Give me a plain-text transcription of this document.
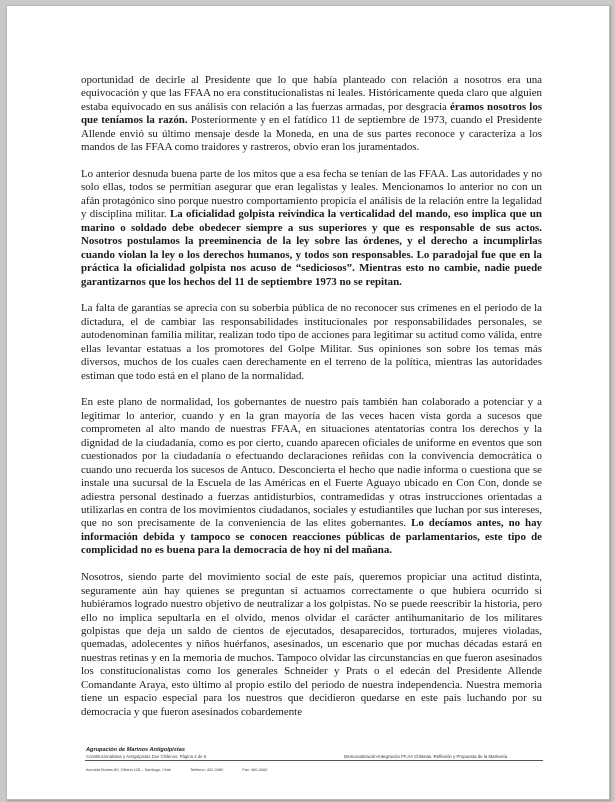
oportunidad de decirle al Presidente que lo que había planteado con relación a nosotros era una equivocación y que las FFAA no era constitucionalistas ni leales. Históricamente queda claro que alguien estaba equivocado en sus análisis con relación a las fuerzas armadas, por desgracia éramos nosotros los que teníamos la razón. Posteriormente y en el fatídico 11 de septiembre de 1973, cuando el Presidente Allende envió su último mensaje desde la Moneda, en una de sus partes reconoce y caracteriza a los mandos de las FFAA como traidores y rastreros, obvio eran los juramentados.

Lo anterior desnuda buena parte de los mitos que a esa fecha se tenían de las FFAA. Las autoridades y no solo ellas, todos se permitían asegurar que eran legalistas y leales. Mencionamos lo anterior no con un afán protagónico sino porque nuestro comportamiento propicia el análisis de la relación entre la legalidad y disciplina militar. La oficialidad golpista reivindica la verticalidad del mando, eso implica que un marino o soldado debe obedecer siempre a sus superiores y que es responsable de sus actos. Nosotros postulamos la preeminencia de la ley sobre las órdenes, y el derecho a incumplirlas cuando violan la ley o los derechos humanos, y todos son responsables. Lo paradojal fue que en la práctica la oficialidad golpista nos acuso de “sediciosos”. Mientras esto no cambie, nadie puede garantizarnos que los hechos del 11 de septiembre 1973 no se repitan.

La falta de garantías se aprecia con su soberbia pública de no reconocer sus crímenes en el periodo de la dictadura, el de cambiar las responsabilidades institucionales por responsabilidades personales, se autodenominan familia militar, realizan todo tipo de acciones para legitimar su actitud como válida, entre ellas levantar estatuas a los promotores del Golpe Militar. Sus opiniones son sobre los temas más diversos, muchos de los cuales caen derechamente en el terreno de la política, mientras las autoridades estiman que todo está en el plano de la normalidad.

En este plano de normalidad, los gobernantes de nuestro país también han colaborado a potenciar y a legitimar lo anterior, cuando y en la gran mayoría de las veces hacen vista gorda a sucesos que comprometen al alto mando de nuestras FFAA, en situaciones atentatorias contra los derechos y la dignidad de la ciudadanía, como es por cierto, cuando aparecen oficiales de uniforme en eventos que son cuestionados por la ciudadanía o efectuando declaraciones reñidas con la convivencia democrática o cuando uno recuerda los sucesos de Antuco. Desconcierta el hecho que nadie informa o cuestiona que se instale una sucursal de la Escuela de las Américas en el Fuerte Aguayo ubicado en Con Con, donde se adiestra personal destinado a fuerzas antidisturbios, contramedidas y otras instrucciones orientadas a utilizarlas en contra de los movimientos ciudadanos, sociales y estudiantiles que luchan por sus intereses, que no son precisamente de la conveniencia de las elites gobernantes. Lo decíamos antes, no hay información debida y tampoco se conocen reacciones públicas de parlamentarios, este tipo de complicidad no es buena para la democracia de hoy ni del mañana.

Nosotros, siendo parte del movimiento social de este país, queremos propiciar una actitud distinta, seguramente aún hay quienes se preguntan si actuamos correctamente o que hubiera ocurrido si hubiéramos logrado nuestro objetivo de neutralizar a los golpistas. No se puede reescribir la historia, pero ello no implica sepultarla en el olvido, menos olvidar el carácter antihumanitario de los militares golpistas que deja un saldo de cientos de ejecutados, desaparecidos, torturados, mujeres violadas, quemadas, adolecentes y niños huérfanos, asesinados, un escenario que por muchas décadas estará en nuestras retinas y en la memoria de muchos. Tampoco olvidar las circunstancias en que fueron asesinados los constitucionalistas como los generales Schneider y Prats o el edecán del Presidente Allende Comandante Araya, esto último al propio estilo del periodo de nuestra independencia. Nuestra memoria tiene un espacio especial para los nuestros que decidieron quedarse en este país luchando por su democracia y que fueron asesinados cobardemente

Agrupación de Marinos Antigolpistas
Constitucionalistas y Antigolpistas Dos Chilenos. Página 4 de 6	Democratización-Integración FF.AA Chilenas. Reflexión y Propuesta de la Marinería
Avenida Bulnes 80, Oficina 128 – Santiago, Chile	Teléfono: 422-0480	Fax: 480-0062
